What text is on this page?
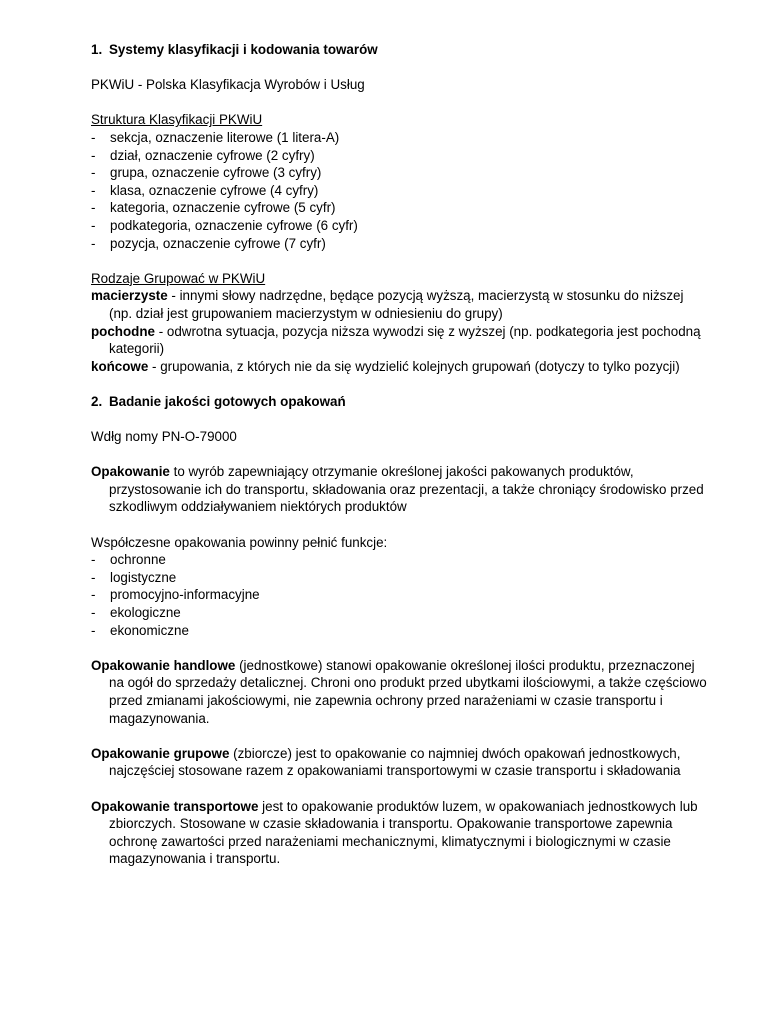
1. Systemy klasyfikacji i kodowania towarów

PKWiU - Polska Klasyfikacja Wyrobów i Usług

Struktura Klasyfikacji PKWiU

-	sekcja, oznaczenie literowe (1 litera-A)
-	dział, oznaczenie cyfrowe (2 cyfry)
-	grupa, oznaczenie cyfrowe (3 cyfry)
-	klasa, oznaczenie cyfrowe (4 cyfry)
-	kategoria, oznaczenie cyfrowe (5 cyfr)
-	podkategoria, oznaczenie cyfrowe (6 cyfr)
-	pozycja, oznaczenie cyfrowe (7 cyfr)

Rodzaje Grupować w PKWiU

macierzyste - innymi słowy nadrzędne, będące pozycją wyższą, macierzystą w stosunku do niższej (np. dział jest grupowaniem macierzystym w odniesieniu do grupy)

pochodne - odwrotna sytuacja, pozycja niższa wywodzi się z wyższej (np. podkategoria jest pochodną kategorii)

końcowe - grupowania, z których nie da się wydzielić kolejnych grupowań (dotyczy to tylko pozycji)

2. Badanie jakości gotowych opakowań

Wdłg nomy PN-O-79000

Opakowanie to wyrób zapewniający otrzymanie określonej jakości pakowanych produktów, przystosowanie ich do transportu, składowania oraz prezentacji, a także chroniący środowisko przed szkodliwym oddziaływaniem niektórych produktów

Współczesne opakowania powinny pełnić funkcje:

-	ochronne
-	logistyczne
-	promocyjno-informacyjne
-	ekologiczne
-	ekonomiczne

Opakowanie handlowe (jednostkowe) stanowi opakowanie określonej ilości produktu, przeznaczonej na ogół do sprzedaży detalicznej. Chroni ono produkt przed ubytkami ilościowymi, a także częściowo przed zmianami jakościowymi, nie zapewnia ochrony przed narażeniami w czasie transportu i magazynowania.

Opakowanie grupowe (zbiorcze) jest to opakowanie co najmniej dwóch opakowań jednostkowych, najczęściej stosowane razem z opakowaniami transportowymi w czasie transportu i składowania

Opakowanie transportowe jest to opakowanie produktów luzem, w opakowaniach jednostkowych lub zbiorczych. Stosowane w czasie składowania i transportu. Opakowanie transportowe zapewnia ochronę zawartości przed narażeniami mechanicznymi, klimatycznymi i biologicznymi w czasie magazynowania i transportu.
